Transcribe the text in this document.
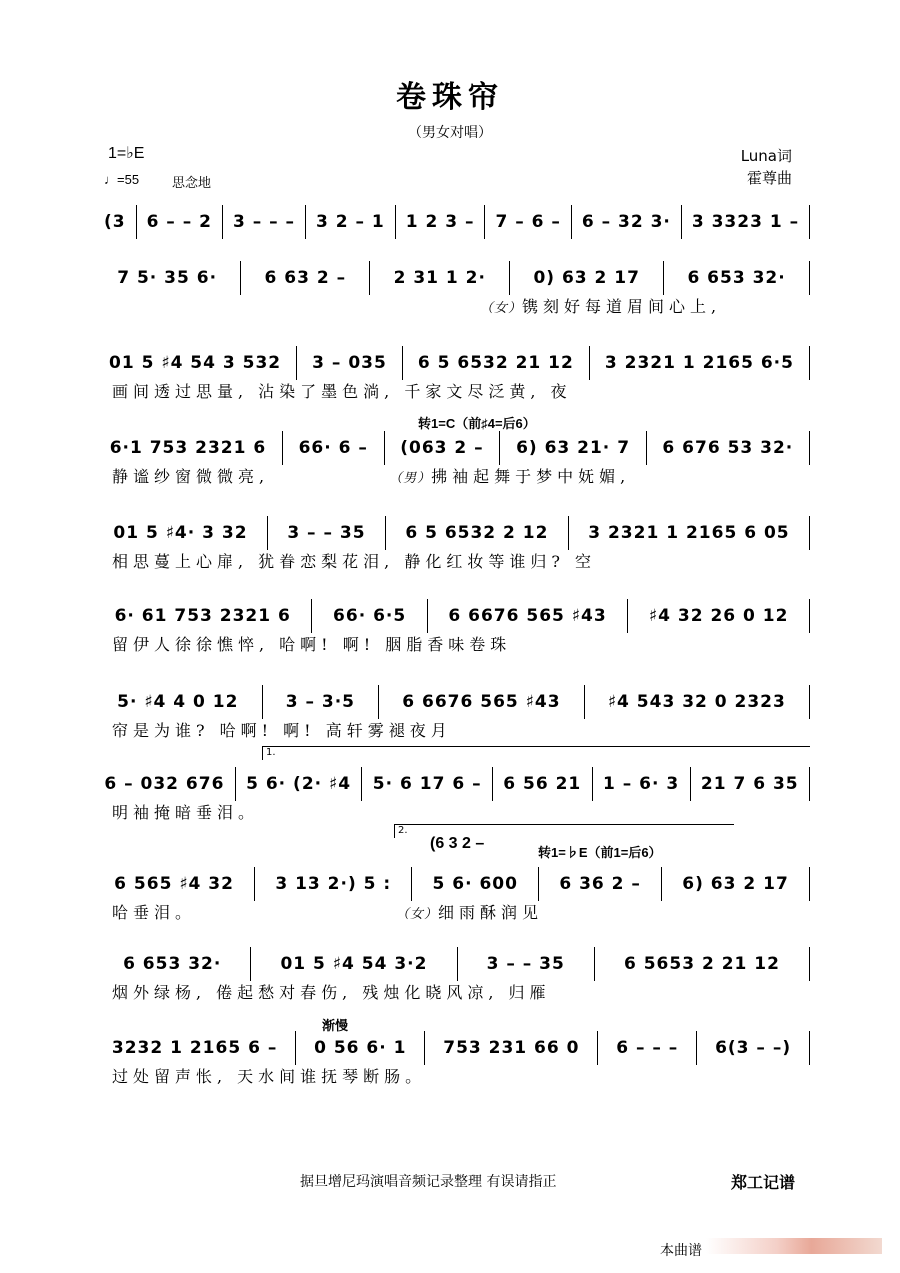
卷珠帘
（男女对唱）
1=♭E
♩=55	思念地
Luna词
霍尊曲
转1=C（前♯4=后6）
转1=♭E（前1=后6）
渐慢
1.
2.
(6 3 2 –
(3	6 – – 2	3 – – –	3 2 – 1	1 2 3 –	7 – 6 –	6 – 32 3·	3 3323 1 –
7 5· 35 6·	6 63 2 –	2 31 1 2·	0) 63 2 17	6 653 32·
（女）镌刻好每道眉间心上,
01 5 ♯4 54 3 532	3 – 035	6 5 6532 21 12	3 2321 1 2165 6·5
画间透过思量, 沾染了墨色淌, 千家文尽泛黄, 夜
6·1 753 2321 6	66· 6 –	(063 2 –	6) 63 21· 7	6 676 53 32·
静谧纱窗微微亮,	（男）拂袖起舞于梦中妩媚,
01 5 ♯4· 3 32	3 – – 35	6 5 6532 2 12	3 2321 1 2165 6 05
相思蔓上心扉, 犹眷恋梨花泪, 静化红妆等谁归? 空
6· 61 753 2321 6	66· 6·5	6 6676 565 ♯43	♯4 32 26 0 12
留伊人徐徐憔悴, 哈啊! 啊! 胭脂香味卷珠
5· ♯4 4 0 12	3 – 3·5	6 6676 565 ♯43	♯4 543 32 0 2323
帘是为谁? 哈啊! 啊! 高轩雾褪夜月
6 – 032 676	5 6· (2· ♯4	5· 6 17 6 –	6 56 21	1 – 6· 3	21 7 6 35
明袖掩暗垂泪。
6 565 ♯4 32	3 13 2·) 5 :	5 6· 600	6 36 2 –	6) 63 2 17
哈垂泪。	（女）细雨酥润见
6 653 32·	01 5 ♯4 54 3·2	3 – – 35	6 5653 2 21 12
烟外绿杨, 倦起愁对春伤, 残烛化晓风凉, 归雁
3232 1 2165 6 –	0 56 6· 1	753 231 66 0	6 – – –	6(3 – –)
过处留声怅, 天水间谁抚琴断肠。
据旦增尼玛演唱音频记录整理 有误请指正	郑工记谱
本曲谱
